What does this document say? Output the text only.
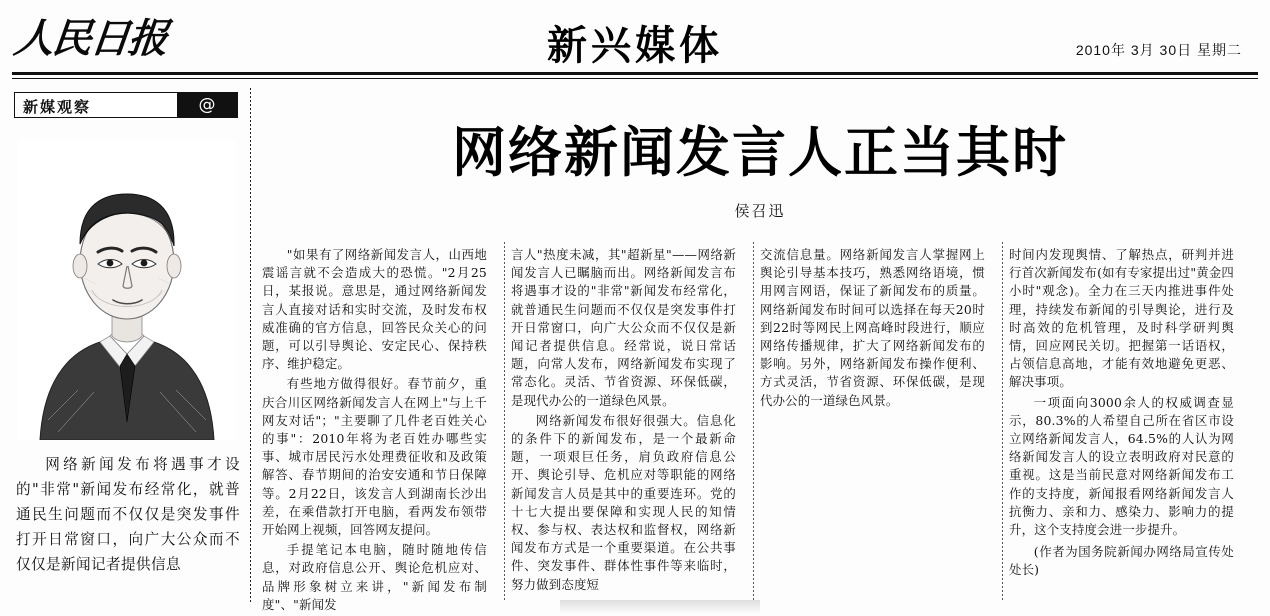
人民日报	新兴媒体	2010年 3月 30日 星期二
新媒观察	@
网络新闻发布将遇事才设的"非常"新闻发布经常化，就普通民生问题而不仅仅是突发事件打开日常窗口，向广大公众而不仅仅是新闻记者提供信息
网络新闻发言人正当其时
侯召迅

"如果有了网络新闻发言人，山西地震谣言就不会造成大的恐慌。"2月25日，某报说。意思是，通过网络新闻发言人直接对话和实时交流，及时发布权威准确的官方信息，回答民众关心的问题，可以引导舆论、安定民心、保持秩序、维护稳定。

有些地方做得很好。春节前夕，重庆合川区网络新闻发言人在网上"与上千网友对话"；"主要聊了几件老百姓关心的事"：2010年将为老百姓办哪些实事、城市居民污水处理费征收和及政策解答、春节期间的治安安通和节日保障等。2月22日，该发言人到湖南长沙出差，在乘借款打开电脑，看两发布领带开始网上视频，回答网友提问。

手提笔记本电脑，随时随地传信息，对政府信息公开、舆论危机应对、品牌形象树立来讲，"新闻发布制度"、"新闻发

言人"热度未减，其"超新星"——网络新闻发言人已瞩脑而出。网络新闻发言布将遇事才设的"非常"新闻发布经常化，就普通民生问题而不仅仅是突发事件打开日常窗口，向广大公众而不仅仅是新闻记者提供信息。经常说，说日常话题，向常人发布，网络新闻发布实现了常态化。灵活、节省资源、环保低碳，是现代办公的一道绿色风景。

网络新闻发布很好很强大。信息化的条件下的新闻发布，是一个最新命题，一项艰巨任务，肩负政府信息公开、舆论引导、危机应对等职能的网络新闻发言人员是其中的重要连环。党的十七大提出要保障和实现人民的知情权、参与权、表达权和监督权，网络新闻发布方式是一个重要渠道。在公共事件、突发事件、群体性事件等来临时，努力做到态度短

交流信息量。网络新闻发言人掌握网上舆论引导基本技巧，熟悉网络语境，惯用网言网语，保证了新闻发布的质量。网络新闻发布时间可以选择在每天20时到22时等网民上网高峰时段进行，顺应网络传播规律，扩大了网络新闻发布的影响。另外，网络新闻发布操作便利、方式灵活，节省资源、环保低碳，是现代办公的一道绿色风景。

时间内发现舆情、了解热点，研判并进行首次新闻发布(如有专家提出过"黄金四小时"观念)。全力在三天内推进事件处理，持续发布新闻的引导舆论，进行及时高效的危机管理，及时科学研判舆情，回应网民关切。把握第一话语权，占领信息高地，才能有效地避免更恶、解决事项。

一项面向3000余人的权威调查显示，80.3%的人希望自己所在省区市设立网络新闻发言人，64.5%的人认为网络新闻发言人的设立表明政府对民意的重视。这是当前民意对网络新闻发布工作的支持度，新闻报看网络新闻发言人抗衡力、亲和力、感染力、影响力的提升，这个支持度会进一步提升。

(作者为国务院新闻办网络局宣传处处长)
